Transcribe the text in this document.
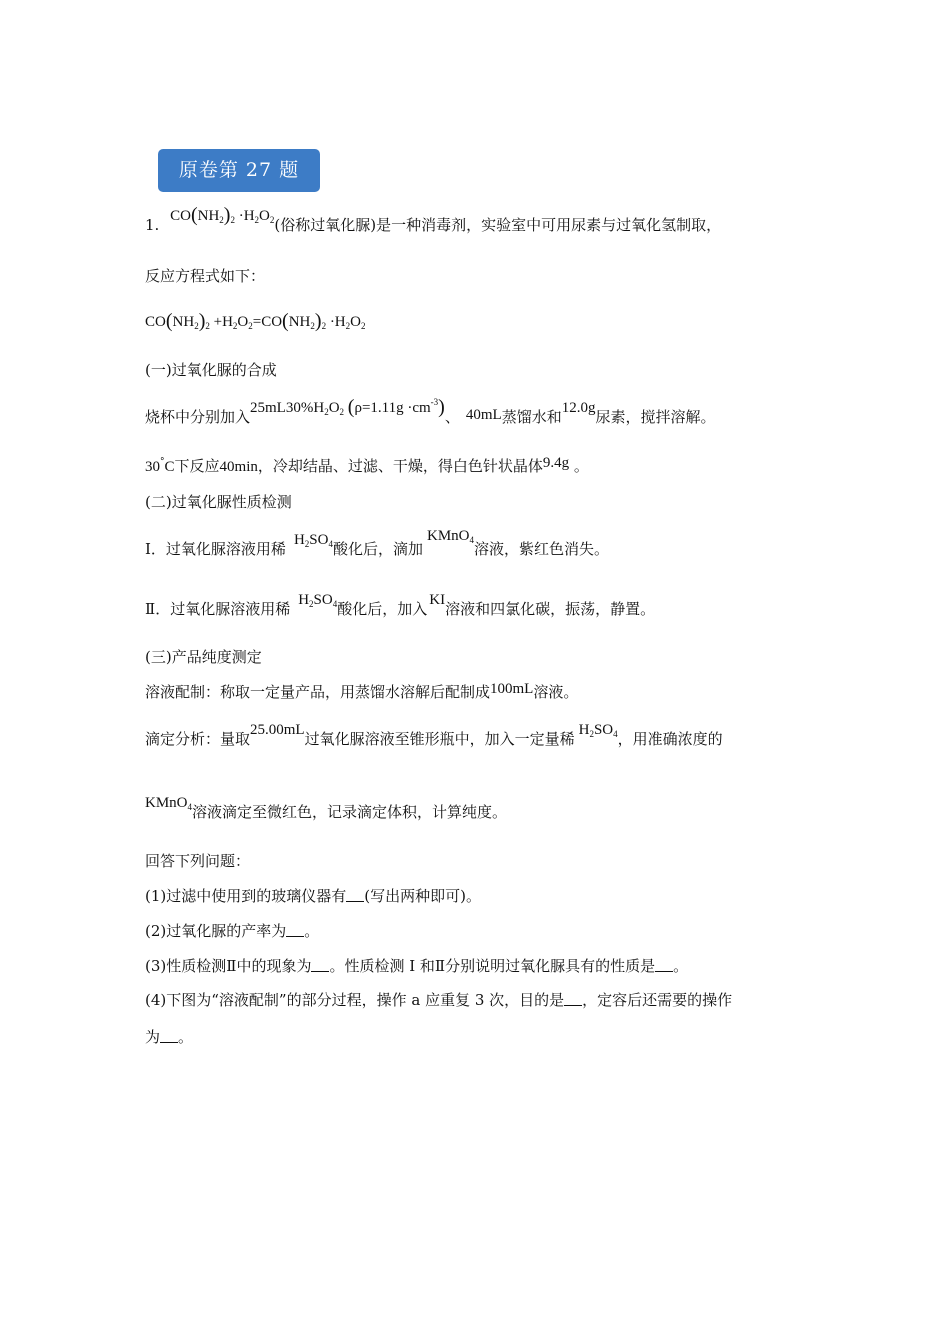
原卷第 27 题
1. $CO(NH_2)_2 \cdot H_2O_2$(俗称过氧化脲)是一种消毒剂，实验室中可用尿素与过氧化氢制取，
反应方程式如下：
$CO(NH_2)_2 +H_2O_2=CO(NH_2)_2 \cdot H_2O_2$
(一)过氧化脲的合成
烧杯中分别加入$25mL30\%H_2O_2$ $(\rho=1.11g \cdot cm^{-3})$、 40mL蒸馏水和12.0g尿素，搅拌溶解。
30°C下反应40min，冷却结晶、过滤、干燥，得白色针状晶体9.4g 。
(二)过氧化脲性质检测
I．过氧化脲溶液用稀 $H_2SO_4$酸化后，滴加KMnO$_4$溶液，紫红色消失。
Ⅱ．过氧化脲溶液用稀 $H_2SO_4$酸化后，加入 KI溶液和四氯化碳，振荡，静置。
(三)产品纯度测定
溶液配制：称取一定量产品，用蒸馏水溶解后配制成100mL溶液。
滴定分析：量取25.00mL过氧化脲溶液至锥形瓶中，加入一定量稀 $H_2SO_4$，用准确浓度的
KMnO$_4$溶液滴定至微红色，记录滴定体积，计算纯度。
回答下列问题：
(1)过滤中使用到的玻璃仪器有 (写出两种即可)。
(2)过氧化脲的产率为 。
(3)性质检测Ⅱ中的现象为 。性质检测 I 和Ⅱ分别说明过氧化脲具有的性质是 。
(4)下图为“溶液配制”的部分过程，操作 a 应重复 3 次，目的是 ，定容后还需要的操作
为 。
